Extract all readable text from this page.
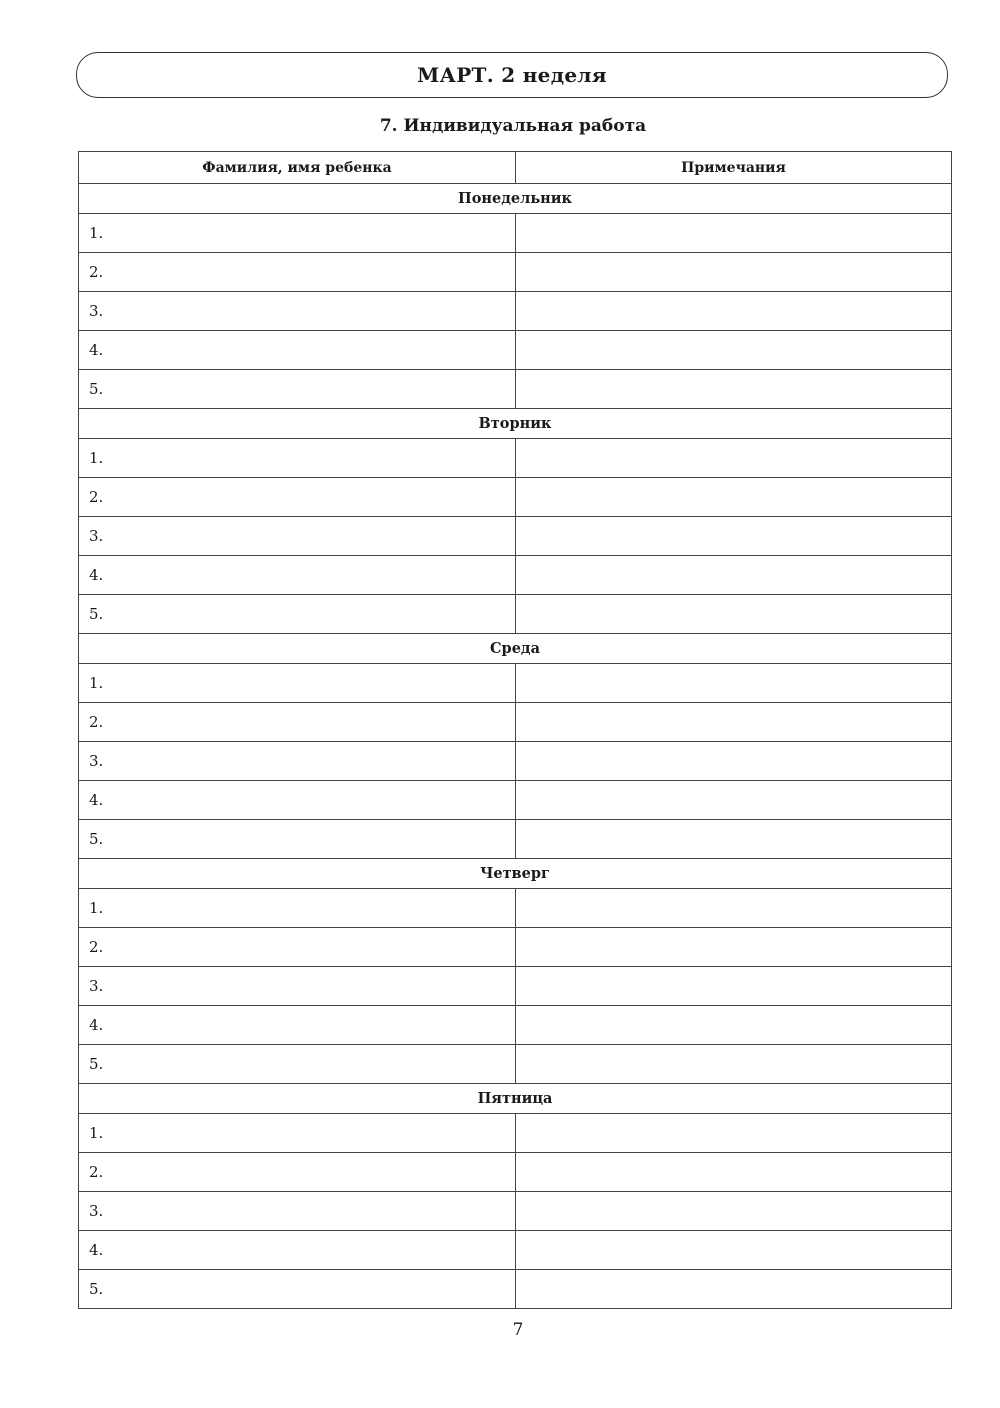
МАРТ. 2 неделя
7. Индивидуальная работа
Фамилия, имя ребенка	Примечания
Понедельник	
1.	
2.	
3.	
4.	
5.	
Вторник	
1.	
2.	
3.	
4.	
5.	
Среда	
1.	
2.	
3.	
4.	
5.	
Четверг	
1.	
2.	
3.	
4.	
5.	
Пятница	
1.	
2.	
3.	
4.	
5.	
7
